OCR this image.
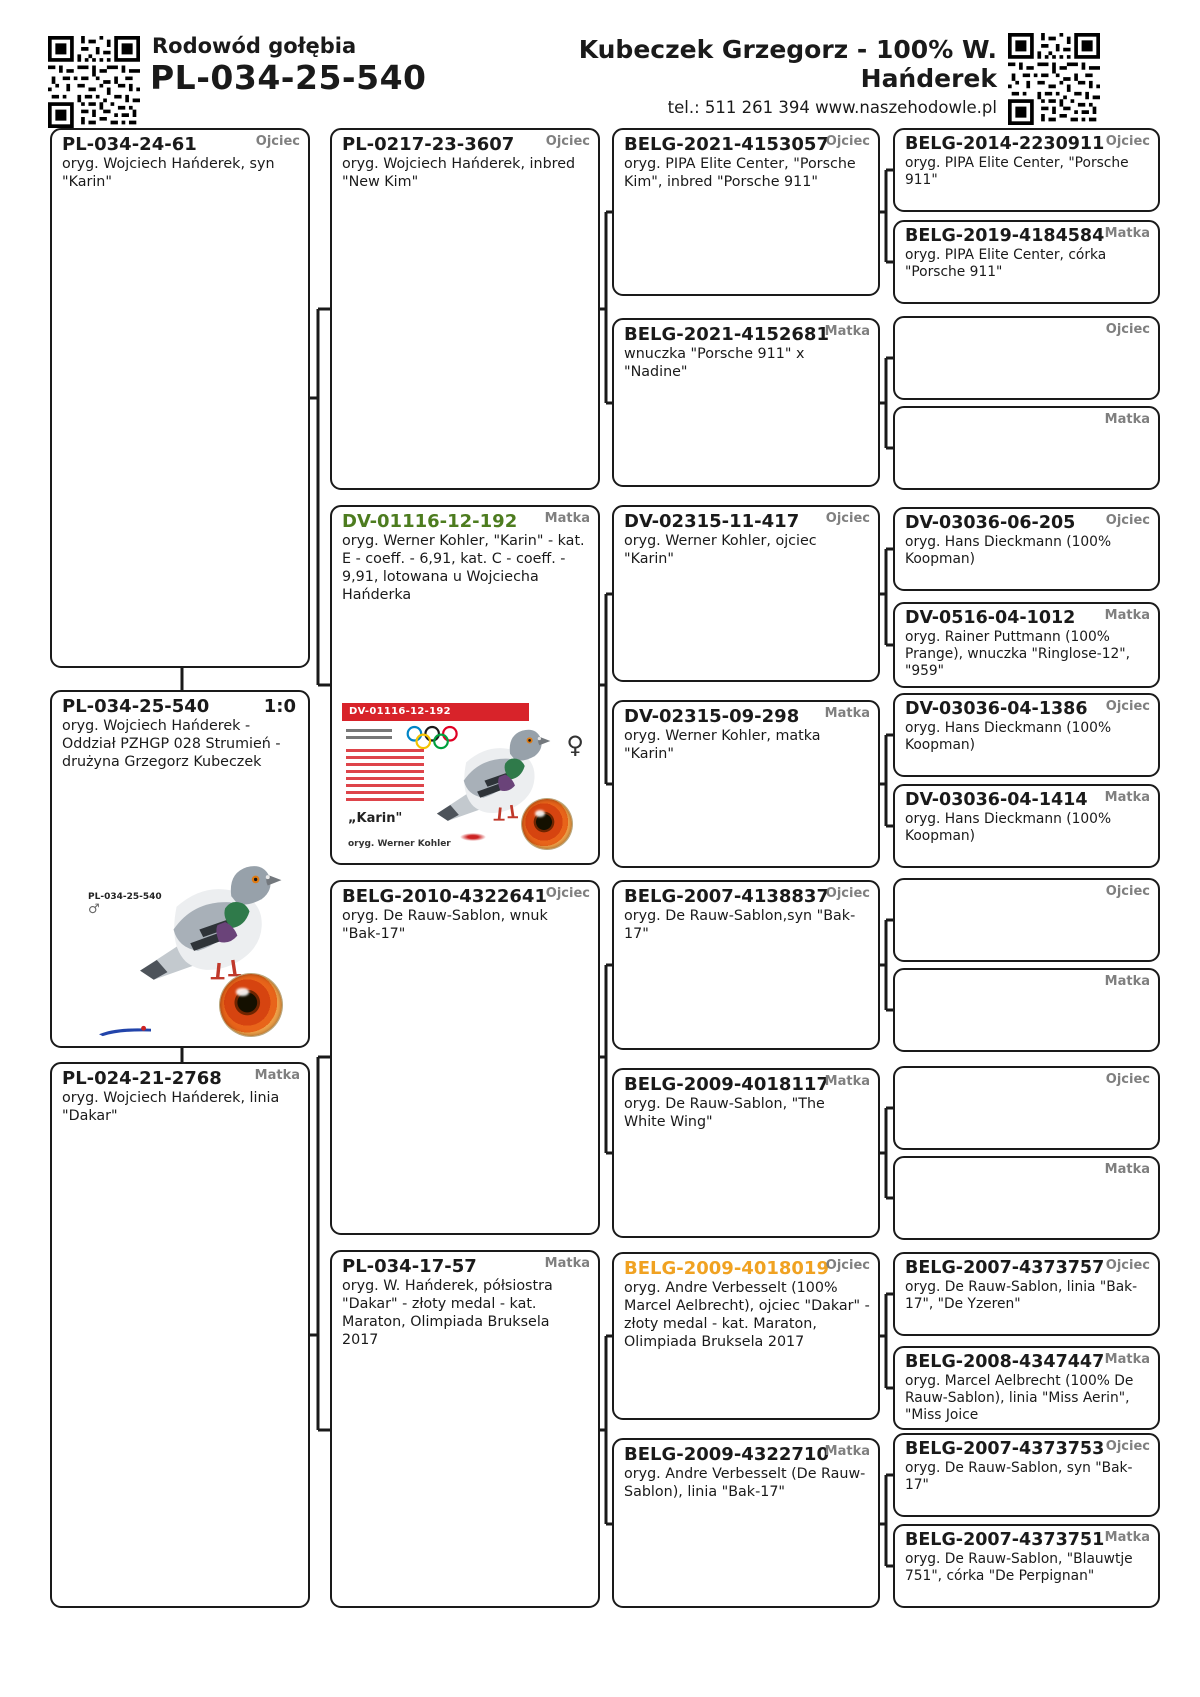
Rodowód gołębia
PL-034-25-540
Kubeczek Grzegorz - 100% W.
Hańderek
tel.: 511 261 394 www.naszehodowle.pl
Ojciec
PL-034-24-61
oryg. Wojciech Hańderek, syn "Karin"
PL-034-25-540	1:0
oryg. Wojciech Hańderek - Oddział PZHGP 028 Strumień - drużyna Grzegorz Kubeczek
PL-034-25-540
♂
Matka
PL-024-21-2768
oryg. Wojciech Hańderek, linia "Dakar"
Ojciec
PL-0217-23-3607
oryg. Wojciech Hańderek, inbred "New Kim"
Matka
DV-01116-12-192
oryg. Werner Kohler, "Karin" - kat. E - coeff. - 6,91, kat. C - coeff. - 9,91, lotowana u Wojciecha Hańderka
DV-01116-12-192
♀
„Karin"
oryg. Werner Kohler
Ojciec
BELG-2010-4322641
oryg. De Rauw-Sablon, wnuk "Bak-17"
Matka
PL-034-17-57
oryg. W. Hańderek, półsiostra "Dakar" - złoty medal - kat. Maraton, Olimpiada Bruksela 2017
Ojciec
BELG-2021-4153057
oryg. PIPA Elite Center, "Porsche Kim", inbred "Porsche 911"
Matka
BELG-2021-4152681
wnuczka "Porsche 911" x "Nadine"
Ojciec
DV-02315-11-417
oryg. Werner Kohler, ojciec "Karin"
Matka
DV-02315-09-298
oryg. Werner Kohler, matka "Karin"
Ojciec
BELG-2007-4138837
oryg. De Rauw-Sablon,syn "Bak-17"
Matka
BELG-2009-4018117
oryg. De Rauw-Sablon, "The White Wing"
Ojciec
BELG-2009-4018019
oryg. Andre Verbesselt (100% Marcel Aelbrecht), ojciec "Dakar" - złoty medal - kat. Maraton, Olimpiada Bruksela 2017
Matka
BELG-2009-4322710
oryg. Andre Verbesselt (De Rauw-Sablon), linia "Bak-17"
Ojciec
BELG-2014-2230911
oryg. PIPA Elite Center, "Porsche 911"
Matka
BELG-2019-4184584
oryg. PIPA Elite Center, córka "Porsche 911"
Ojciec
Matka
Ojciec
DV-03036-06-205
oryg. Hans Dieckmann (100% Koopman)
Matka
DV-0516-04-1012
oryg. Rainer Puttmann (100% Prange), wnuczka "Ringlose-12", "959"
Ojciec
DV-03036-04-1386
oryg. Hans Dieckmann (100% Koopman)
Matka
DV-03036-04-1414
oryg. Hans Dieckmann (100% Koopman)
Ojciec
Matka
Ojciec
Matka
Ojciec
BELG-2007-4373757
oryg. De Rauw-Sablon, linia "Bak-17", "De Yzeren"
Matka
BELG-2008-4347447
oryg. Marcel Aelbrecht (100% De Rauw-Sablon), linia "Miss Aerin", "Miss Joice
Ojciec
BELG-2007-4373753
oryg. De Rauw-Sablon, syn "Bak-17"
Matka
BELG-2007-4373751
oryg. De Rauw-Sablon, "Blauwtje 751", córka "De Perpignan"
